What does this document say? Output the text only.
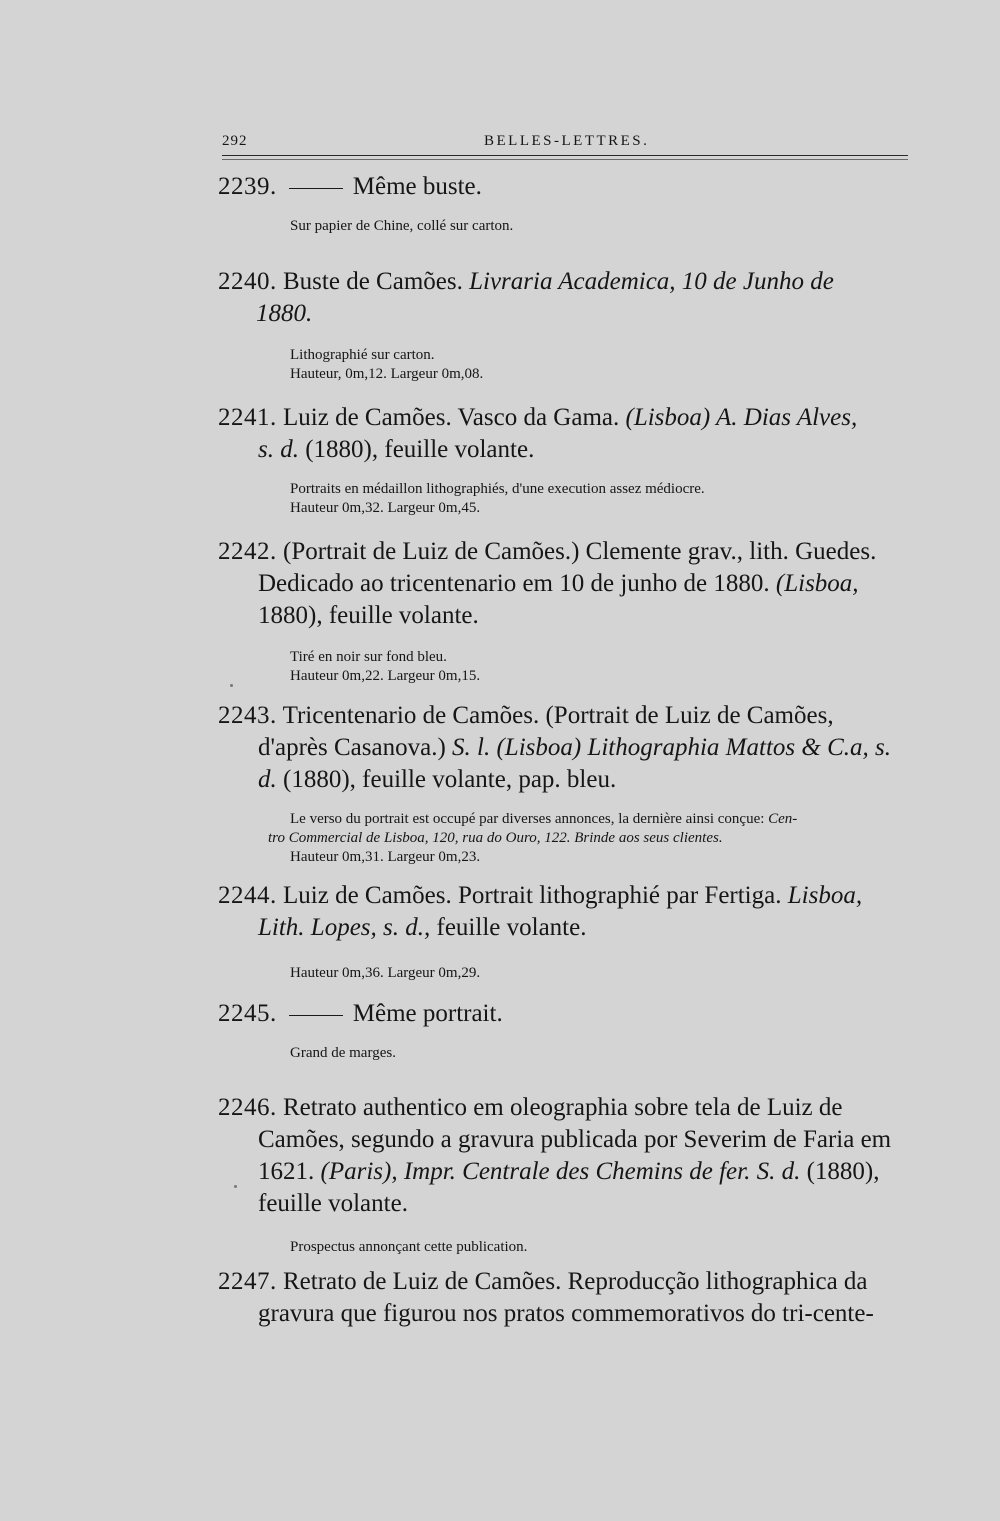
292	BELLES-LETTRES.

2239.	Même buste.

Sur papier de Chine, collé sur carton.

2240. Buste de Camões. Livraria Academica, 10 de Junho de
1880.

Lithographié sur carton.

Hauteur, 0m,12. Largeur 0m,08.

2241. Luiz de Camões. Vasco da Gama. (Lisboa) A. Dias Alves,
s. d. (1880), feuille volante.

Portraits en médaillon lithographiés, d'une execution assez médiocre.

Hauteur 0m,32. Largeur 0m,45.

2242. (Portrait de Luiz de Camões.) Clemente grav., lith. Guedes.
Dedicado ao tricentenario em 10 de junho de 1880. (Lisboa,
1880), feuille volante.

Tiré en noir sur fond bleu.

Hauteur 0m,22. Largeur 0m,15.

2243. Tricentenario de Camões. (Portrait de Luiz de Camões,
d'après Casanova.) S. l. (Lisboa) Lithographia Mattos & C.a, s.
d. (1880), feuille volante, pap. bleu.

Le verso du portrait est occupé par diverses annonces, la dernière ainsi conçue: Cen-

tro Commercial de Lisboa, 120, rua do Ouro, 122. Brinde aos seus clientes.

Hauteur 0m,31. Largeur 0m,23.

2244. Luiz de Camões. Portrait lithographié par Fertiga. Lisboa,
Lith. Lopes, s. d., feuille volante.

Hauteur 0m,36. Largeur 0m,29.

2245.	Même portrait.

Grand de marges.

2246. Retrato authentico em oleographia sobre tela de Luiz de
Camões, segundo a gravura publicada por Severim de Faria em
1621. (Paris), Impr. Centrale des Chemins de fer. S. d. (1880),
feuille volante.

Prospectus annonçant cette publication.

2247. Retrato de Luiz de Camões. Reproducção lithographica da
gravura que figurou nos pratos commemorativos do tri-cente-
